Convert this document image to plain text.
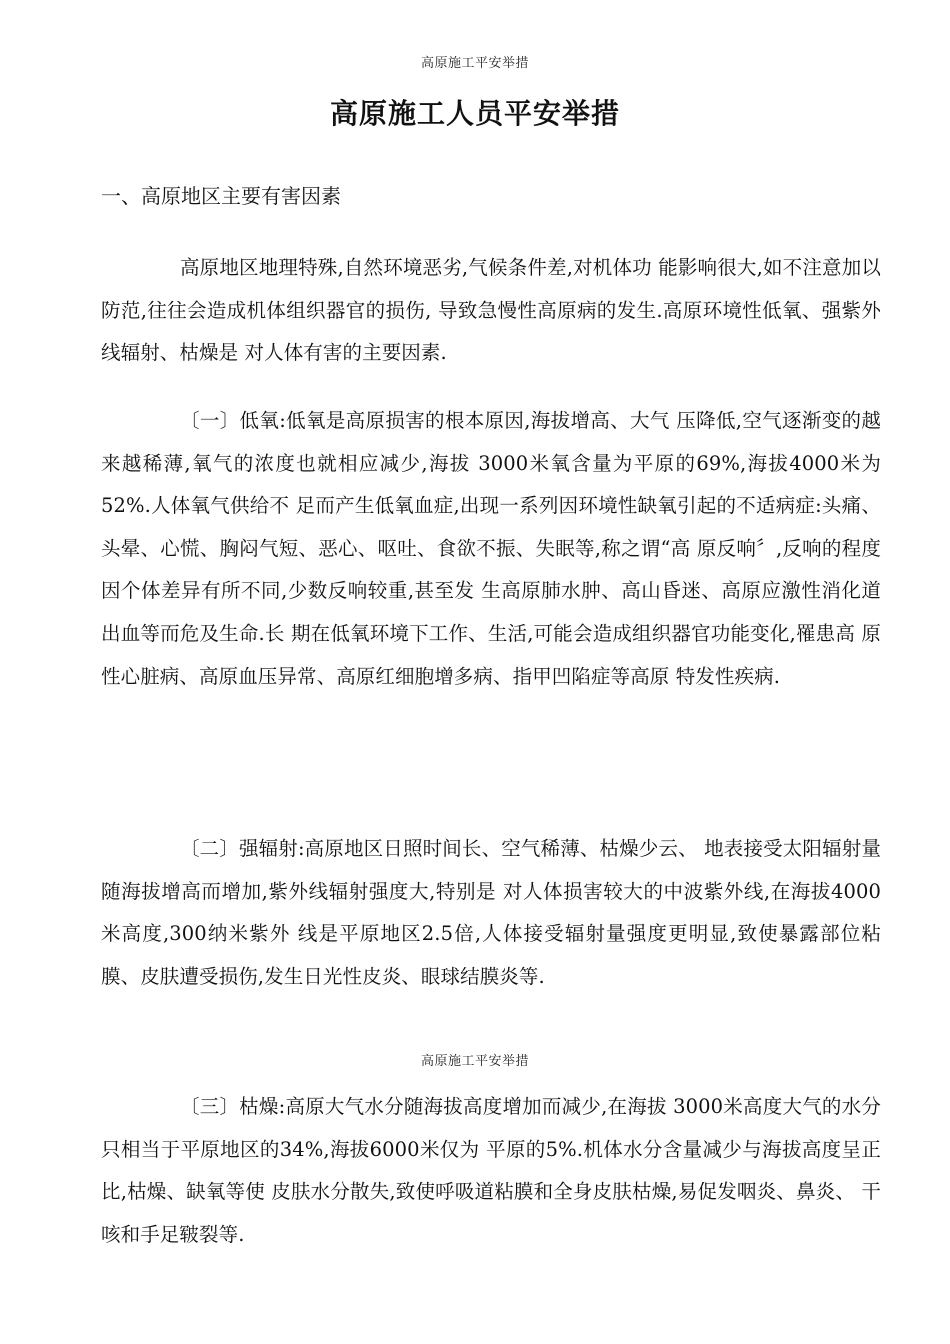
高原施工平安举措
高原施工人员平安举措
一、高原地区主要有害因素

高原地区地理特殊,自然环境恶劣,气候条件差,对机体功 能影响很大,如不注意加以防范,往往会造成机体组织器官的损伤, 导致急慢性高原病的发生.高原环境性低氧、强紫外线辐射、枯燥是 对人体有害的主要因素.

〔一〕低氧:低氧是高原损害的根本原因,海拔增高、大气 压降低,空气逐渐变的越来越稀薄,氧气的浓度也就相应减少,海拔 3000米氧含量为平原的69%,海拔4000米为52%.人体氧气供给不 足而产生低氧血症,出现一系列因环境性缺氧引起的不适病症:头痛、 头晕、心慌、胸闷气短、恶心、呕吐、食欲不振、失眠等,称之谓“高 原反响〞,反响的程度因个体差异有所不同,少数反响较重,甚至发 生高原肺水肿、高山昏迷、高原应激性消化道出血等而危及生命.长 期在低氧环境下工作、生活,可能会造成组织器官功能变化,罹患高 原性心脏病、高原血压异常、高原红细胞增多病、指甲凹陷症等高原 特发性疾病.

〔二〕强辐射:高原地区日照时间长、空气稀薄、枯燥少云、 地表接受太阳辐射量随海拔增高而增加,紫外线辐射强度大,特别是 对人体损害较大的中波紫外线,在海拔4000米高度,300纳米紫外 线是平原地区2.5倍,人体接受辐射量强度更明显,致使暴露部位粘 膜、皮肤遭受损伤,发生日光性皮炎、眼球结膜炎等.

高原施工平安举措

〔三〕枯燥:高原大气水分随海拔高度增加而减少,在海拔 3000米高度大气的水分只相当于平原地区的34%,海拔6000米仅为 平原的5%.机体水分含量减少与海拔高度呈正比,枯燥、缺氧等使 皮肤水分散失,致使呼吸道粘膜和全身皮肤枯燥,易促发咽炎、鼻炎、 干咳和手足皲裂等.
